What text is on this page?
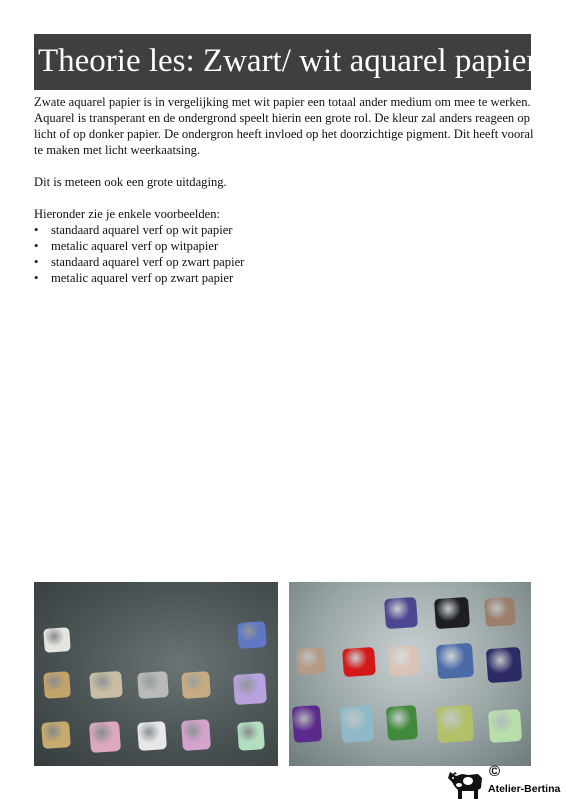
Theorie les: Zwart/ wit aquarel papier

Zwate aquarel papier is in vergelijking met wit papier een totaal ander medium om mee te werken. Aquarel is transperant en de ondergrond speelt hierin een grote rol. De kleur zal anders reageen op licht of op donker papier. De ondergron heeft invloed op het doorzichtige pigment. Dit heeft vooral te maken met licht weerkaatsing.

Dit is meteen ook een grote uitdaging.

Hieronder zie je enkele voorbeelden:

• standaard aquarel verf op wit papier
• metalic aquarel verf op witpapier
• standaard aquarel verf op zwart papier
• metalic aquarel verf op zwart papier
©
Atelier-Bertina
